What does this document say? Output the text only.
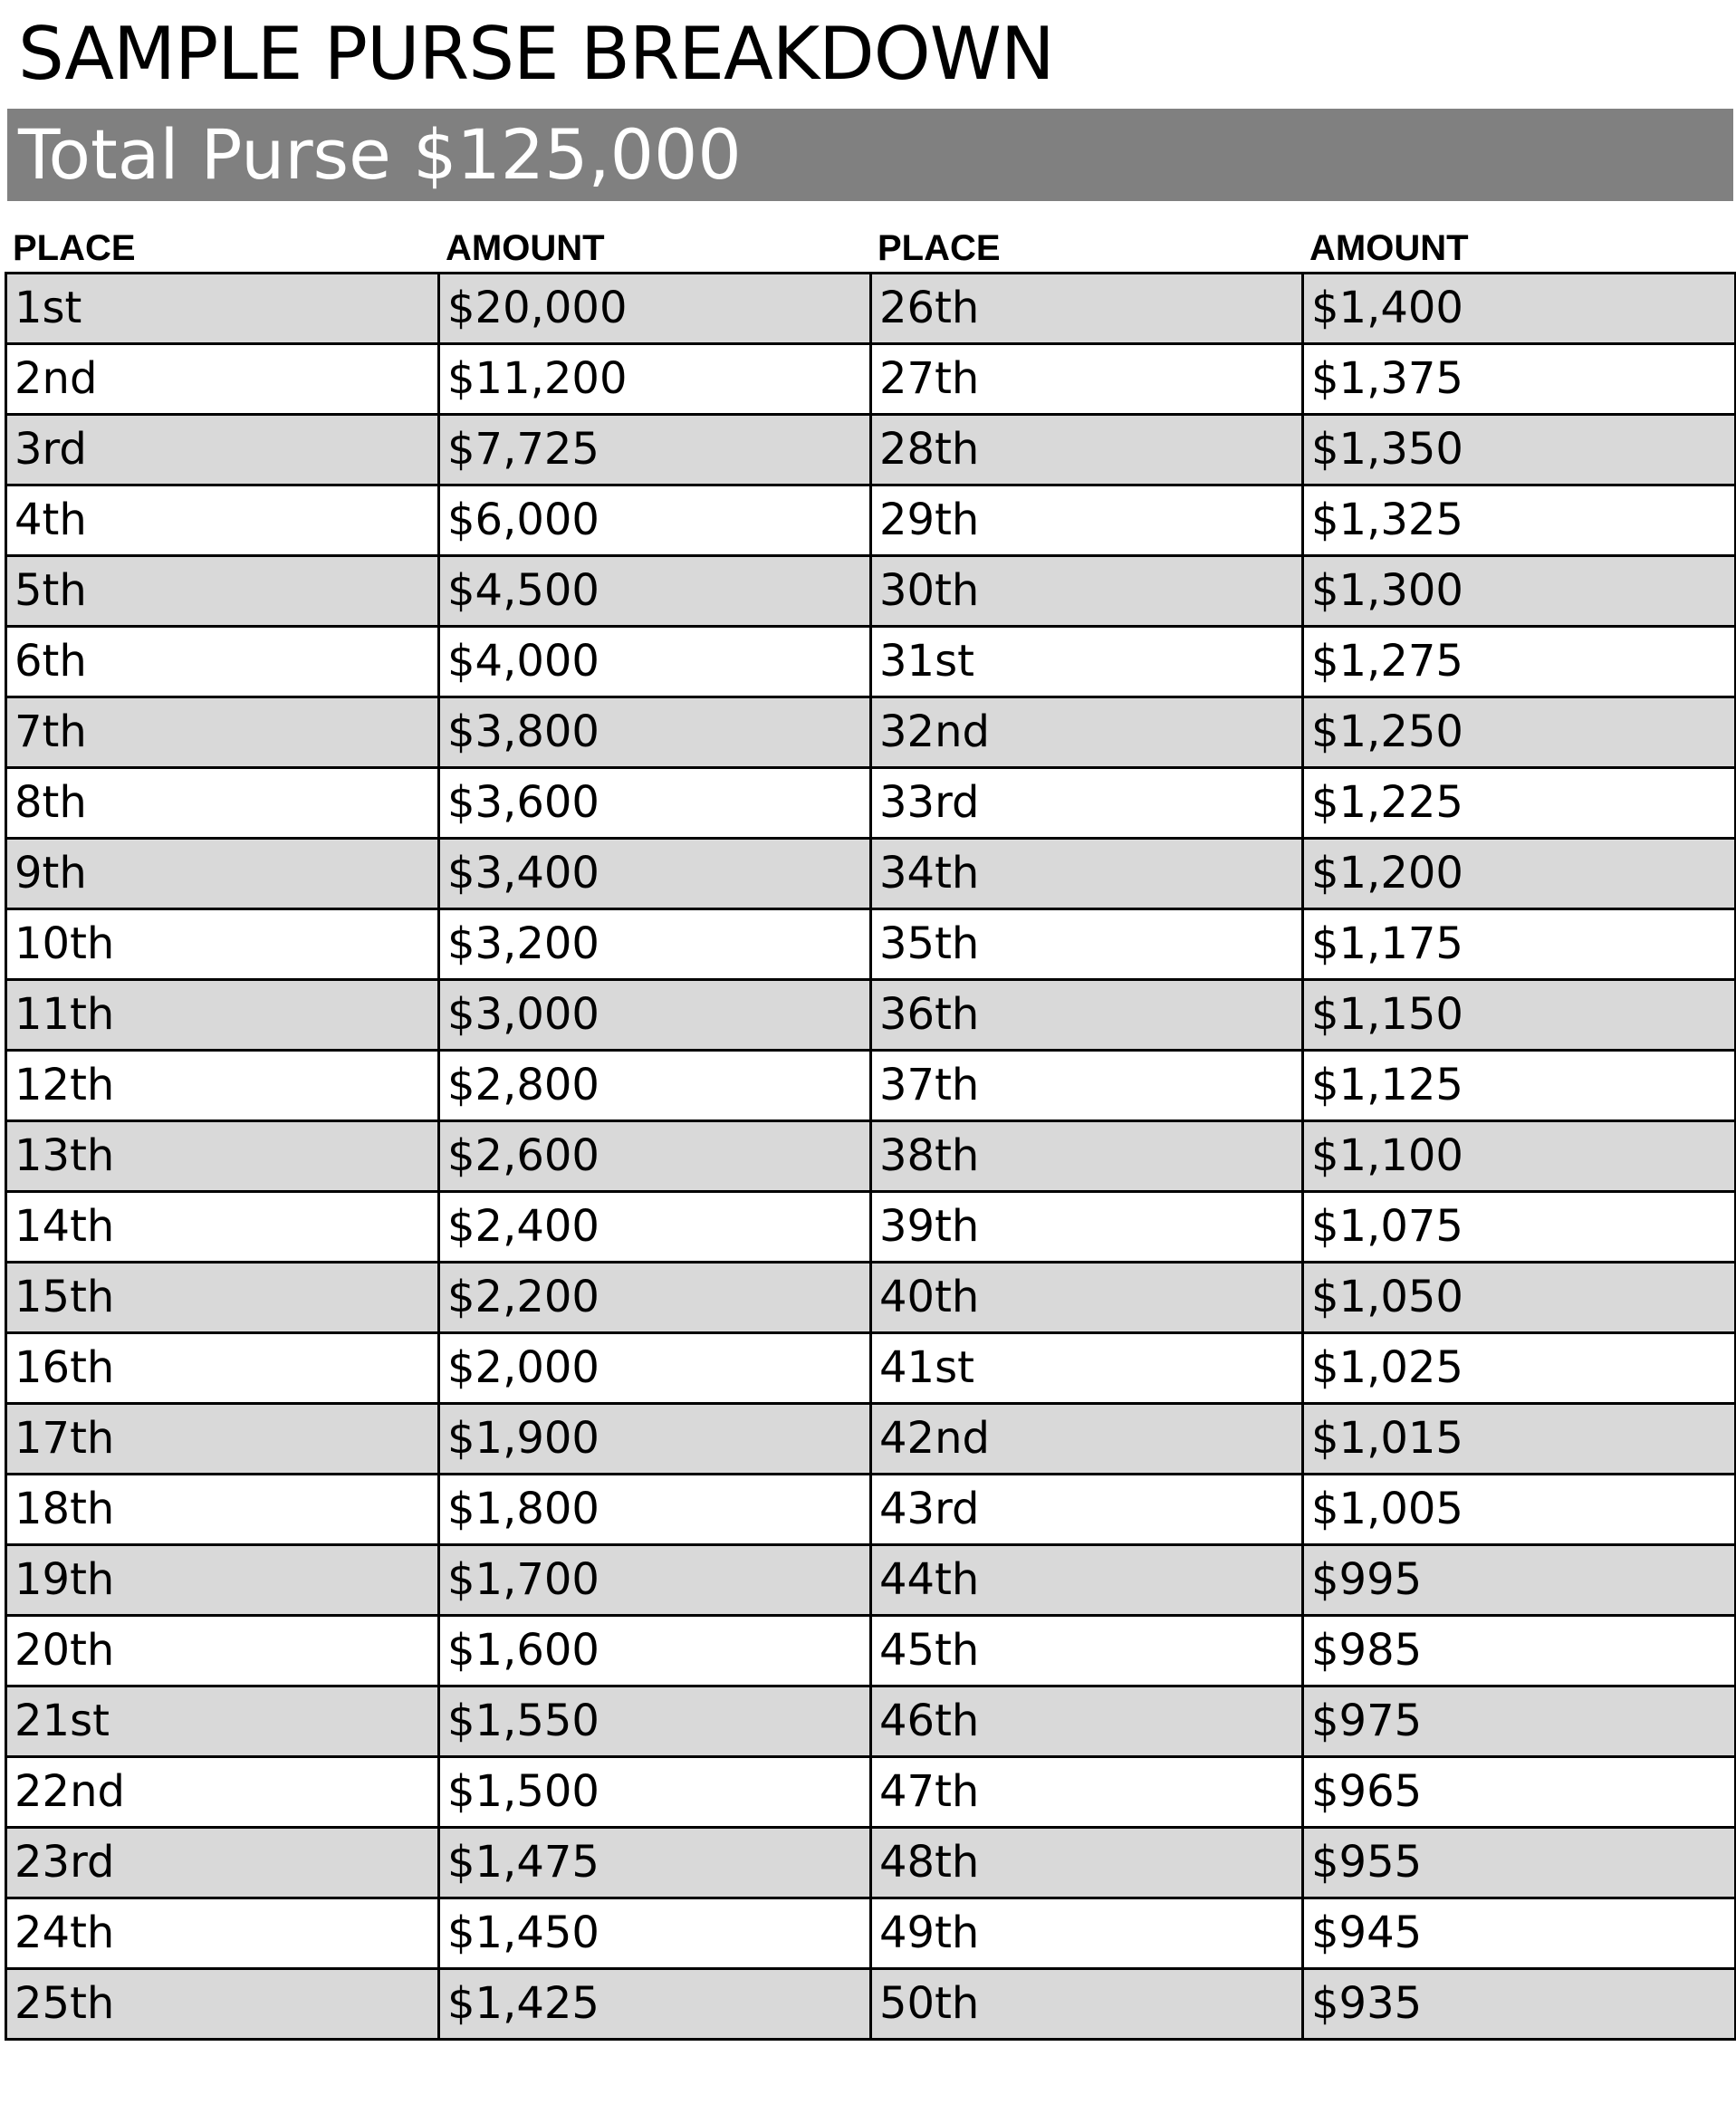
SAMPLE PURSE BREAKDOWN
Total Purse $125,000
PLACE	AMOUNT	PLACE	AMOUNT
1st	$20,000	26th	$1,400
2nd	$11,200	27th	$1,375
3rd	$7,725	28th	$1,350
4th	$6,000	29th	$1,325
5th	$4,500	30th	$1,300
6th	$4,000	31st	$1,275
7th	$3,800	32nd	$1,250
8th	$3,600	33rd	$1,225
9th	$3,400	34th	$1,200
10th	$3,200	35th	$1,175
11th	$3,000	36th	$1,150
12th	$2,800	37th	$1,125
13th	$2,600	38th	$1,100
14th	$2,400	39th	$1,075
15th	$2,200	40th	$1,050
16th	$2,000	41st	$1,025
17th	$1,900	42nd	$1,015
18th	$1,800	43rd	$1,005
19th	$1,700	44th	$995
20th	$1,600	45th	$985
21st	$1,550	46th	$975
22nd	$1,500	47th	$965
23rd	$1,475	48th	$955
24th	$1,450	49th	$945
25th	$1,425	50th	$935
